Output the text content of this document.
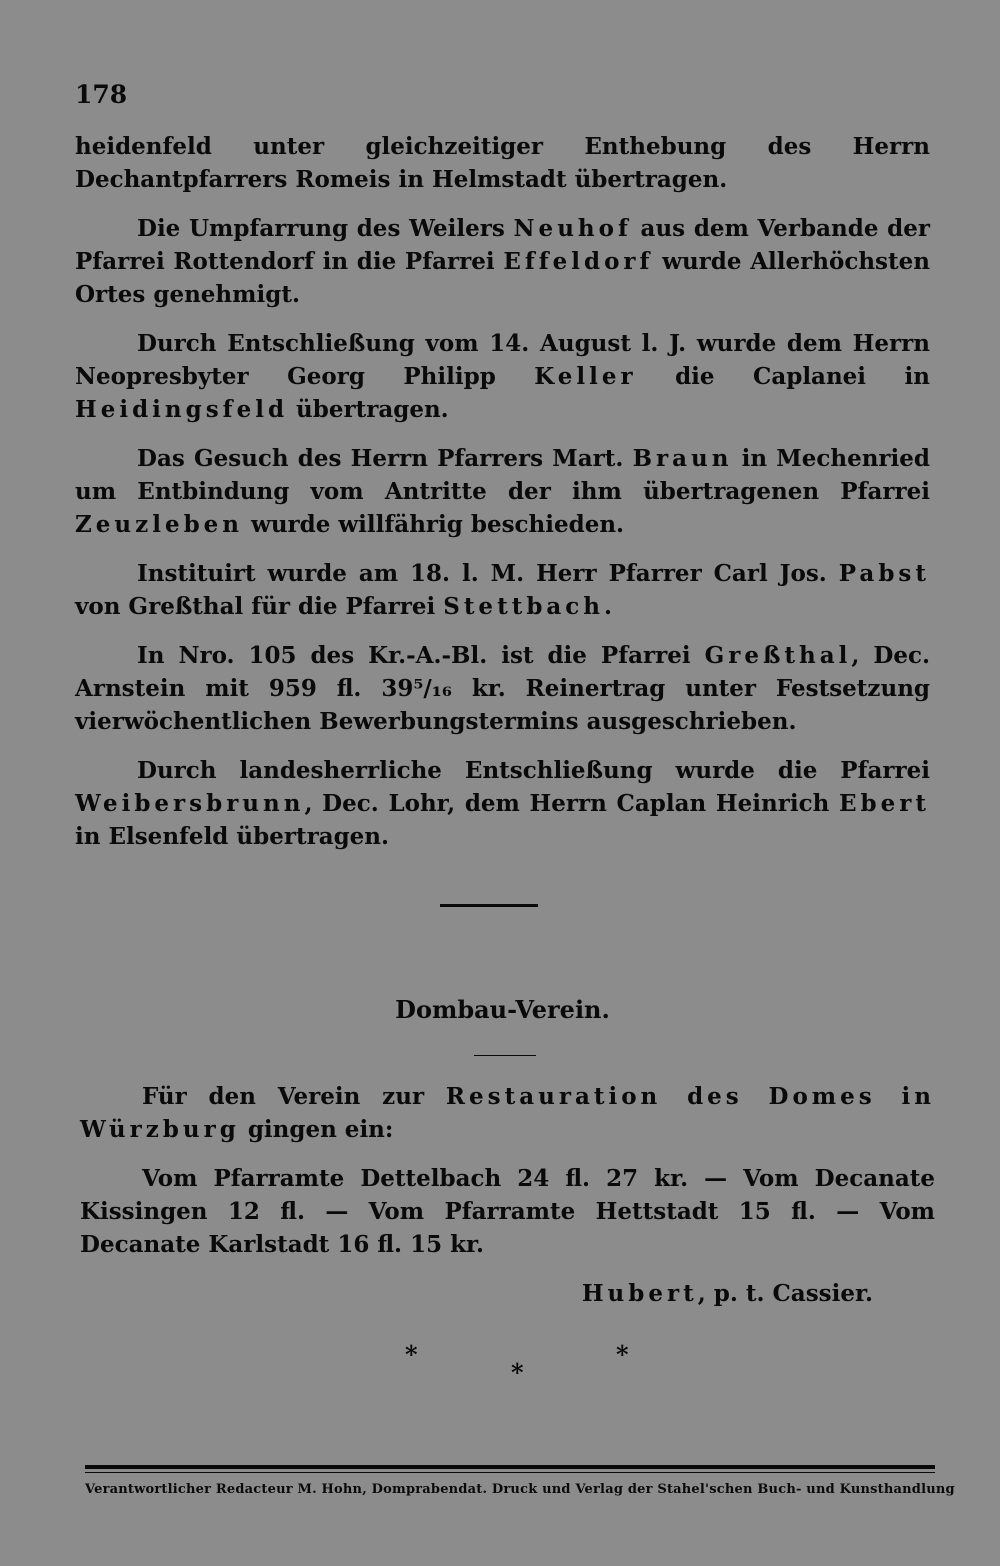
178

heidenfeld unter gleichzeitiger Enthebung des Herrn Dechantpfarrers Romeis in Helmstadt übertragen.

Die Umpfarrung des Weilers Neuhof aus dem Verbande der Pfarrei Rottendorf in die Pfarrei Effeldorf wurde Allerhöchsten Ortes genehmigt.

Durch Entschließung vom 14. August l. J. wurde dem Herrn Neopresbyter Georg Philipp Keller die Caplanei in Heidingsfeld übertragen.

Das Gesuch des Herrn Pfarrers Mart. Braun in Mechenried um Entbindung vom Antritte der ihm übertragenen Pfarrei Zeuzleben wurde willfährig beschieden.

Instituirt wurde am 18. l. M. Herr Pfarrer Carl Jos. Pabst von Greßthal für die Pfarrei Stettbach.

In Nro. 105 des Kr.-A.-Bl. ist die Pfarrei Greßthal, Dec. Arnstein mit 959 fl. 39⁵/₁₆ kr. Reinertrag unter Festsetzung vierwöchentlichen Bewerbungstermins ausgeschrieben.

Durch landesherrliche Entschließung wurde die Pfarrei Weibersbrunn, Dec. Lohr, dem Herrn Caplan Heinrich Ebert in Elsenfeld übertragen.

Dombau-Verein.

Für den Verein zur Restauration des Domes in Würzburg gingen ein:

Vom Pfarramte Dettelbach 24 fl. 27 kr. — Vom Decanate Kissingen 12 fl. — Vom Pfarramte Hettstadt 15 fl. — Vom Decanate Karlstadt 16 fl. 15 kr.

Hubert, p. t. Cassier.
*
*
*
Verantwortlicher Redacteur M. Hohn, Domprabendat. Druck und Verlag der Stahel'schen Buch- und Kunsthandlung
